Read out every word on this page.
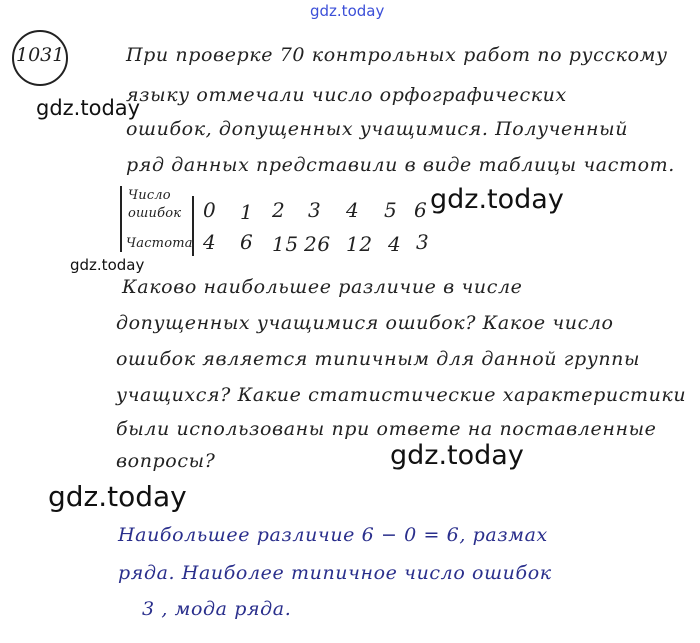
gdz.today
1031	При проверке 70 контрольных работ по русскому
языку отмечали число орфографических
ошибок, допущенных учащимися. Полученный
ряд данных представили в виде таблицы частот.
Число
ошибок
Частота
0 1 2 3 4 5 6
4 6 15 26 12 4 3
Каково наибольшее различие в числе
допущенных учащимися ошибок? Какое число
ошибок является типичным для данной группы
учащихся? Какие статистические характеристики
были использованы при ответе на поставленные
вопросы?
Наибольшее различие 6 − 0 = 6, размах
ряда. Наиболее типичное число ошибок
3 , мода ряда.
gdz.today
gdz.today
gdz.today
gdz.today
gdz.today
